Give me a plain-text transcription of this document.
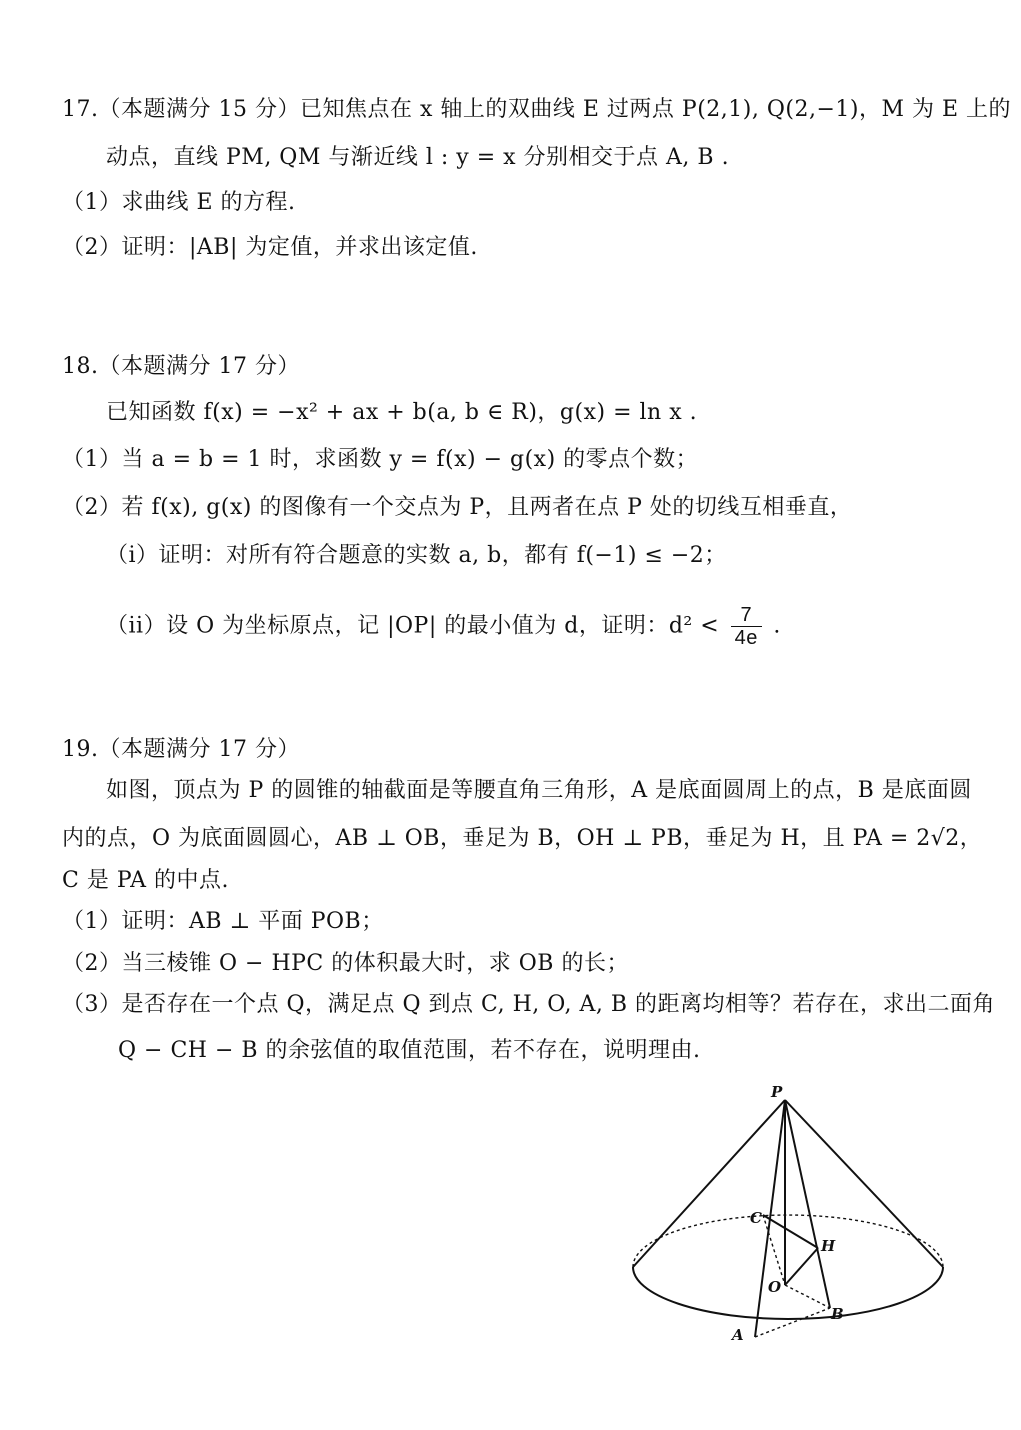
17.（本题满分 15 分）已知焦点在 x 轴上的双曲线 E 过两点 P(2,1), Q(2,−1)，M 为 E 上的
动点，直线 PM, QM 与渐近线 l : y = x 分别相交于点 A, B .
（1）求曲线 E 的方程.
（2）证明：|AB| 为定值，并求出该定值.
18.（本题满分 17 分）
已知函数 f(x) = −x² + ax + b(a, b ∈ R)，g(x) = ln x .
（1）当 a = b = 1 时，求函数 y = f(x) − g(x) 的零点个数；
（2）若 f(x), g(x) 的图像有一个交点为 P，且两者在点 P 处的切线互相垂直，
（i）证明：对所有符合题意的实数 a, b，都有 f(−1) ≤ −2；
（ii）设 O 为坐标原点，记 |OP| 的最小值为 d，证明：$d^2 < \frac{7}{4e}$ .
19.（本题满分 17 分）
如图，顶点为 P 的圆锥的轴截面是等腰直角三角形，A 是底面圆周上的点，B 是底面圆
内的点，O 为底面圆圆心，AB ⊥ OB，垂足为 B，OH ⊥ PB，垂足为 H，且 PA = 2√2，
C 是 PA 的中点.
（1）证明：AB ⊥ 平面 POB；
（2）当三棱锥 O − HPC 的体积最大时，求 OB 的长；
（3）是否存在一个点 Q，满足点 Q 到点 C, H, O, A, B 的距离均相等？若存在，求出二面角
Q − CH − B 的余弦值的取值范围，若不存在，说明理由.
P
C
H
O
A
B
